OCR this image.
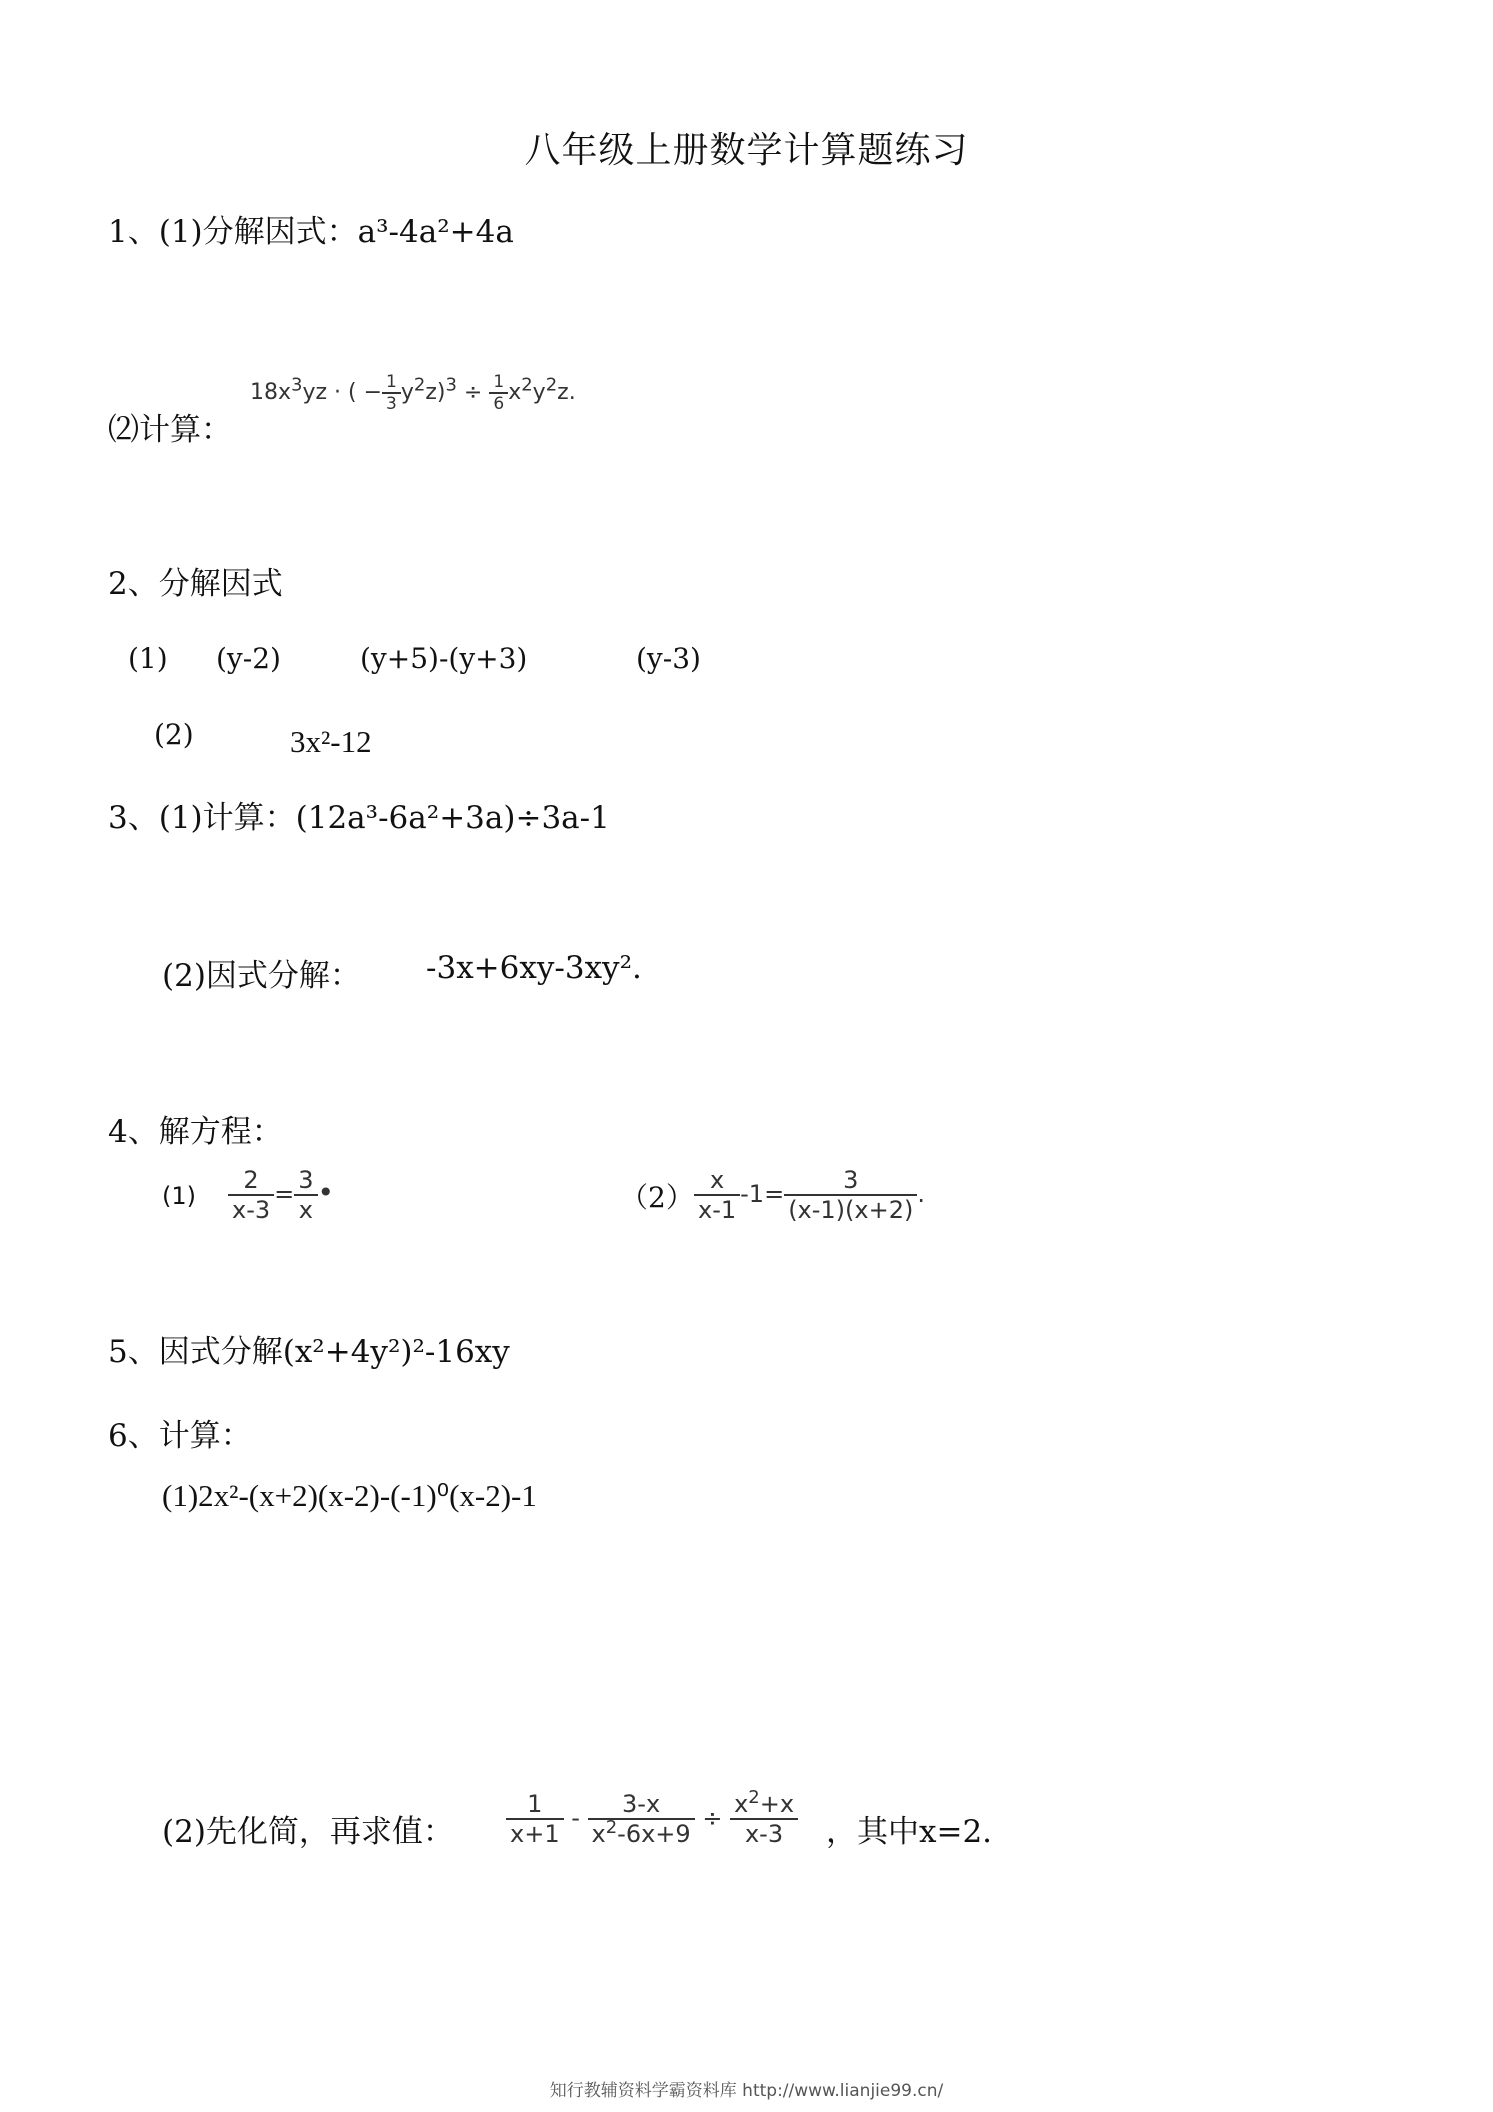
八年级上册数学计算题练习
1、(1)分解因式：a³-4a²+4a
$18x^3yz$ · ( − $\frac{1}{3} y^2z)^3 \div \frac{1}{6} x^2y^2z$.
⑵计算：
2、分解因式
(1) (y-2)	(y+5)-(y+3)	(y-3)
(2)	3x²-12
3、(1)计算：(12a³-6a²+3a)÷3a-1
(2)因式分解： -3x+6xy-3xy².
4、解方程：
$(1) \frac{2}{x-3} = \frac{3}{x}$ •	$(2) \frac{x}{x-1} -1= \frac{3}{(x-1)(x+2)}$ .
5、因式分解(x²+4y²)²-16xy
6、计算：
(1)2x²-(x+2)(x-2)-(-1)⁰(x-2)-1
(2)先化简，再求值： $\frac{1}{x+1} - \frac{3-x}{x^2-6x+9} \div \frac{x^2+x}{x-3}$ ，其中x=2.
知行教辅资料学霸资料库 http://www.lianjie99.cn/
